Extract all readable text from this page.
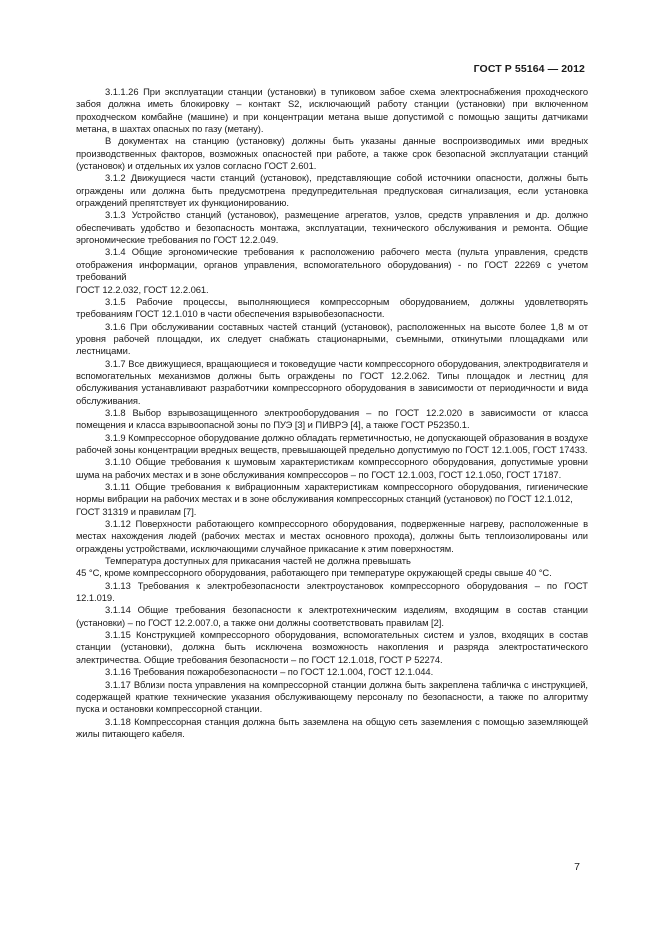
ГОСТ Р 55164 — 2012

3.1.1.26 При эксплуатации станции (установки) в тупиковом забое схема электроснабжения проходческого забоя должна иметь блокировку – контакт S2, исключающий работу станции (установки) при включенном проходческом комбайне (машине) и при концентрации метана выше допустимой с помощью защиты датчиками метана, в шахтах опасных по газу (метану).

В документах на станцию (установку) должны быть указаны данные воспроизводимых ими вредных производственных факторов, возможных опасностей при работе, а также срок безопасной эксплуатации станций (установок) и отдельных их узлов согласно ГОСТ 2.601.

3.1.2 Движущиеся части станций (установок), представляющие собой источники опасности, должны быть ограждены или должна быть предусмотрена предупредительная предпусковая сигнализация, если установка ограждений препятствует их функционированию.

3.1.3 Устройство станций (установок), размещение агрегатов, узлов, средств управления и др. должно обеспечивать удобство и безопасность монтажа, эксплуатации, технического обслуживания и ремонта. Общие эргономические требования по ГОСТ 12.2.049.

3.1.4 Общие эргономические требования к расположению рабочего места (пульта управления, средств отображения информации, органов управления, вспомогательного оборудования) - по ГОСТ 22269 с учетом требований

ГОСТ 12.2.032, ГОСТ 12.2.061.

3.1.5 Рабочие процессы, выполняющиеся компрессорным оборудованием, должны удовлетворять требованиям ГОСТ 12.1.010 в части обеспечения взрывобезопасности.

3.1.6 При обслуживании составных частей станций (установок), расположенных на высоте более 1,8 м от уровня рабочей площадки, их следует снабжать стационарными, съемными, откинутыми площадками или лестницами.

3.1.7 Все движущиеся, вращающиеся и токоведущие части компрессорного оборудования, электродвигателя и вспомогательных механизмов должны быть ограждены по ГОСТ 12.2.062. Типы площадок и лестниц для обслуживания устанавливают разработчики компрессорного оборудования в зависимости от периодичности и вида обслуживания.

3.1.8 Выбор взрывозащищенного электрооборудования – по ГОСТ 12.2.020 в зависимости от класса помещения и класса взрывоопасной зоны по ПУЭ [3] и ПИВРЭ [4], а также ГОСТ Р52350.1.

3.1.9 Компрессорное оборудование должно обладать герметичностью, не допускающей образования в воздухе рабочей зоны концентрации вредных веществ, превышающей предельно допустимую по ГОСТ 12.1.005, ГОСТ 17433.

3.1.10 Общие требования к шумовым характеристикам компрессорного оборудования, допустимые уровни шума на рабочих местах и в зоне обслуживания компрессоров – по ГОСТ 12.1.003, ГОСТ 12.1.050, ГОСТ 17187.

3.1.11 Общие требования к вибрационным характеристикам компрессорного оборудования, гигиенические нормы вибрации на рабочих местах и в зоне обслуживания компрессорных станций (установок) по ГОСТ 12.1.012,

ГОСТ 31319 и правилам [7].

3.1.12 Поверхности работающего компрессорного оборудования, подверженные нагреву, расположенные в местах нахождения людей (рабочих местах и местах основного прохода), должны быть теплоизолированы или ограждены устройствами, исключающими случайное прикасание к этим поверхностям.

Температура доступных для прикасания частей не должна превышать

45 °С, кроме компрессорного оборудования, работающего при температуре окружающей среды свыше 40 °С.

3.1.13 Требования к электробезопасности электроустановок компрессорного оборудования – по ГОСТ 12.1.019.

3.1.14 Общие требования безопасности к электротехническим изделиям, входящим в состав станции (установки) – по ГОСТ 12.2.007.0, а также они должны соответствовать правилам [2].

3.1.15 Конструкцией компрессорного оборудования, вспомогательных систем и узлов, входящих в состав станции (установки), должна быть исключена возможность накопления и разряда электростатического электричества. Общие требования безопасности – по ГОСТ 12.1.018, ГОСТ Р 52274.

3.1.16 Требования пожаробезопасности – по ГОСТ 12.1.004, ГОСТ 12.1.044.

3.1.17 Вблизи поста управления на компрессорной станции должна быть закреплена табличка с инструкцией, содержащей краткие технические указания обслуживающему персоналу по безопасности, а также по алгоритму пуска и остановки компрессорной станции.

3.1.18 Компрессорная станция должна быть заземлена на общую сеть заземления с помощью заземляющей жилы питающего кабеля.

7
